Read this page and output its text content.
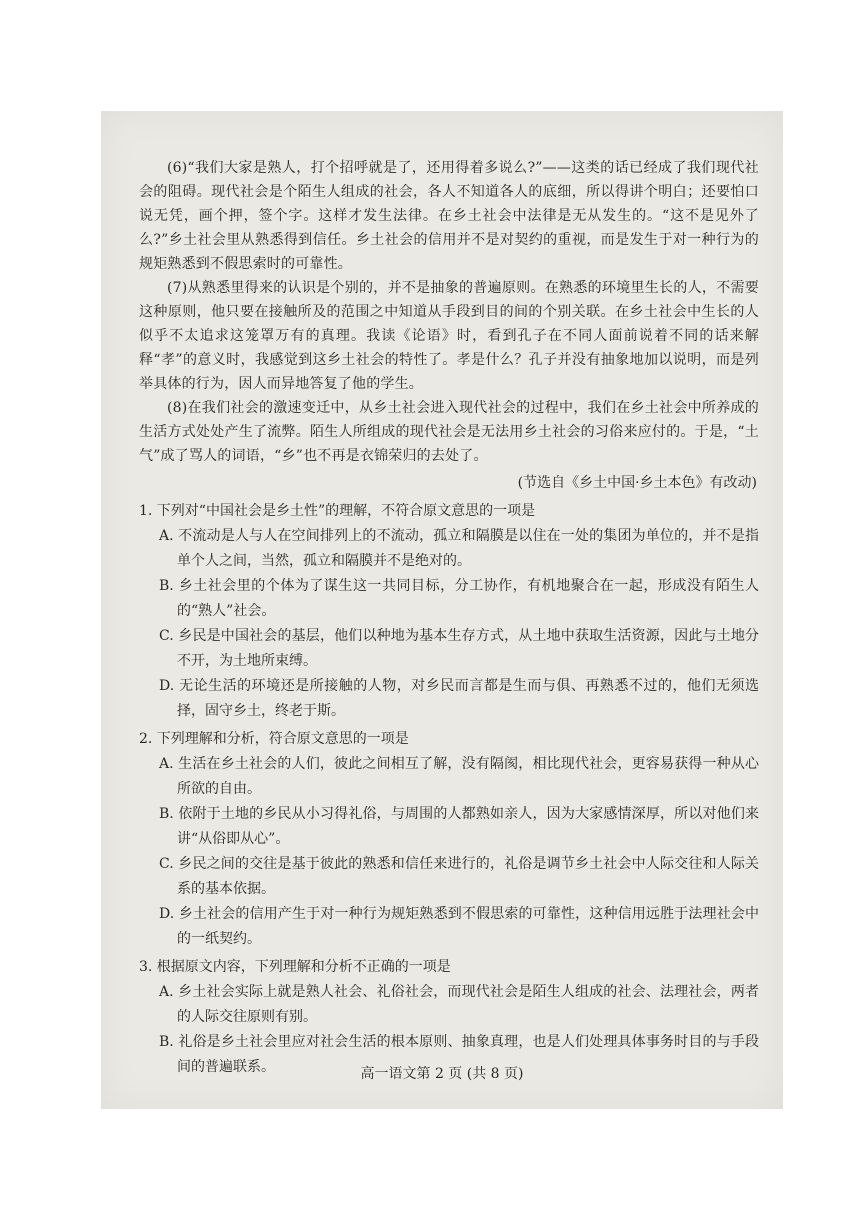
(6)“我们大家是熟人，打个招呼就是了，还用得着多说么?”——这类的话已经成了我们现代社会的阻碍。现代社会是个陌生人组成的社会，各人不知道各人的底细，所以得讲个明白；还要怕口说无凭，画个押，签个字。这样才发生法律。在乡土社会中法律是无从发生的。“这不是见外了么?”乡土社会里从熟悉得到信任。乡土社会的信用并不是对契约的重视，而是发生于对一种行为的规矩熟悉到不假思索时的可靠性。

(7)从熟悉里得来的认识是个别的，并不是抽象的普遍原则。在熟悉的环境里生长的人，不需要这种原则，他只要在接触所及的范围之中知道从手段到目的间的个别关联。在乡土社会中生长的人似乎不太追求这笼罩万有的真理。我读《论语》时，看到孔子在不同人面前说着不同的话来解释“孝”的意义时，我感觉到这乡土社会的特性了。孝是什么？孔子并没有抽象地加以说明，而是列举具体的行为，因人而异地答复了他的学生。

(8)在我们社会的激速变迁中，从乡土社会进入现代社会的过程中，我们在乡土社会中所养成的生活方式处处产生了流弊。陌生人所组成的现代社会是无法用乡土社会的习俗来应付的。于是，“土气”成了骂人的词语，“乡”也不再是衣锦荣归的去处了。

(节选自《乡土中国·乡土本色》有改动)

1. 下列对“中国社会是乡土性”的理解，不符合原文意思的一项是

A. 不流动是人与人在空间排列上的不流动，孤立和隔膜是以住在一处的集团为单位的，并不是指单个人之间，当然，孤立和隔膜并不是绝对的。

B. 乡土社会里的个体为了谋生这一共同目标，分工协作，有机地聚合在一起，形成没有陌生人的“熟人”社会。

C. 乡民是中国社会的基层，他们以种地为基本生存方式，从土地中获取生活资源，因此与土地分不开，为土地所束缚。

D. 无论生活的环境还是所接触的人物，对乡民而言都是生而与俱、再熟悉不过的，他们无须选择，固守乡土，终老于斯。

2. 下列理解和分析，符合原文意思的一项是

A. 生活在乡土社会的人们，彼此之间相互了解，没有隔阂，相比现代社会，更容易获得一种从心所欲的自由。

B. 依附于土地的乡民从小习得礼俗，与周围的人都熟如亲人，因为大家感情深厚，所以对他们来讲“从俗即从心”。

C. 乡民之间的交往是基于彼此的熟悉和信任来进行的，礼俗是调节乡土社会中人际交往和人际关系的基本依据。

D. 乡土社会的信用产生于对一种行为规矩熟悉到不假思索的可靠性，这种信用远胜于法理社会中的一纸契约。

3. 根据原文内容，下列理解和分析不正确的一项是

A. 乡土社会实际上就是熟人社会、礼俗社会，而现代社会是陌生人组成的社会、法理社会，两者的人际交往原则有别。

B. 礼俗是乡土社会里应对社会生活的根本原则、抽象真理，也是人们处理具体事务时目的与手段间的普遍联系。	高一语文第 2 页 (共 8 页)
